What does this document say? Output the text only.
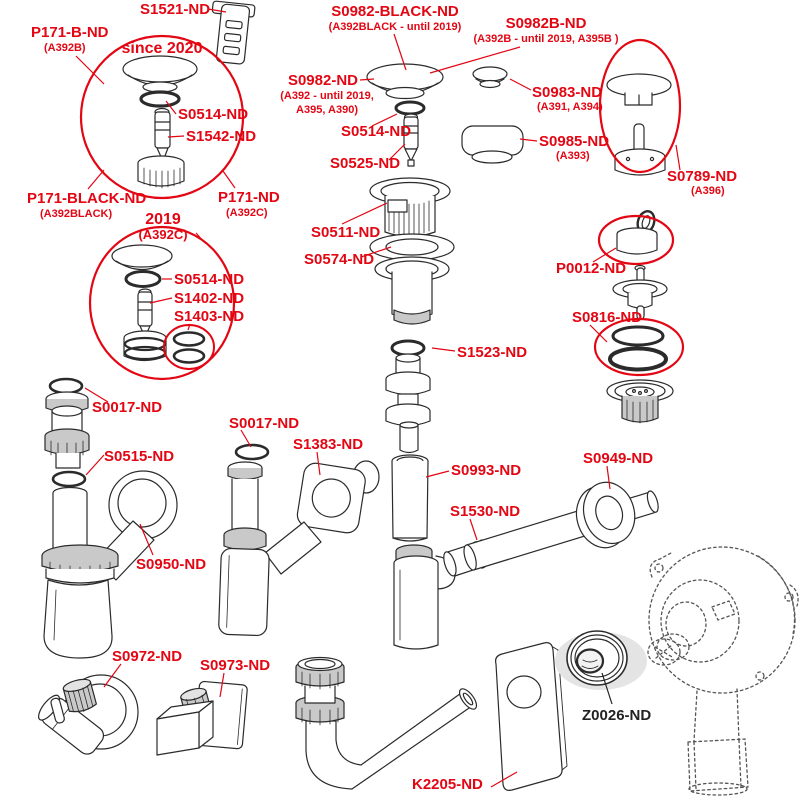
S1521-ND
P171-B-ND
(A392B) since 2020
S0514-ND
S1542-ND
P171-BLACK-ND
(A392BLACK)
P171-ND
(A392C)
2019
(A392C)
S0514-ND
S1402-ND
S1403-ND
S0982-BLACK-ND
(A392BLACK - until 2019)	S0982B-ND
(A392B - until 2019, A395B )
S0982-ND
(A392 - until 2019,
A395, A390)
S0983-ND
(A391, A394)
S0514-ND
S0525-ND
S0985-ND
(A393)
S0511-ND
S0574-ND
S0789-ND
(A396)
P0012-ND
S0816-ND
S1523-ND
S0017-ND
S0515-ND
S0950-ND
S0017-ND
S1383-ND
S0993-ND
S1530-ND
S0949-ND
S0972-ND
S0973-ND
K2205-ND
Z0026-ND
